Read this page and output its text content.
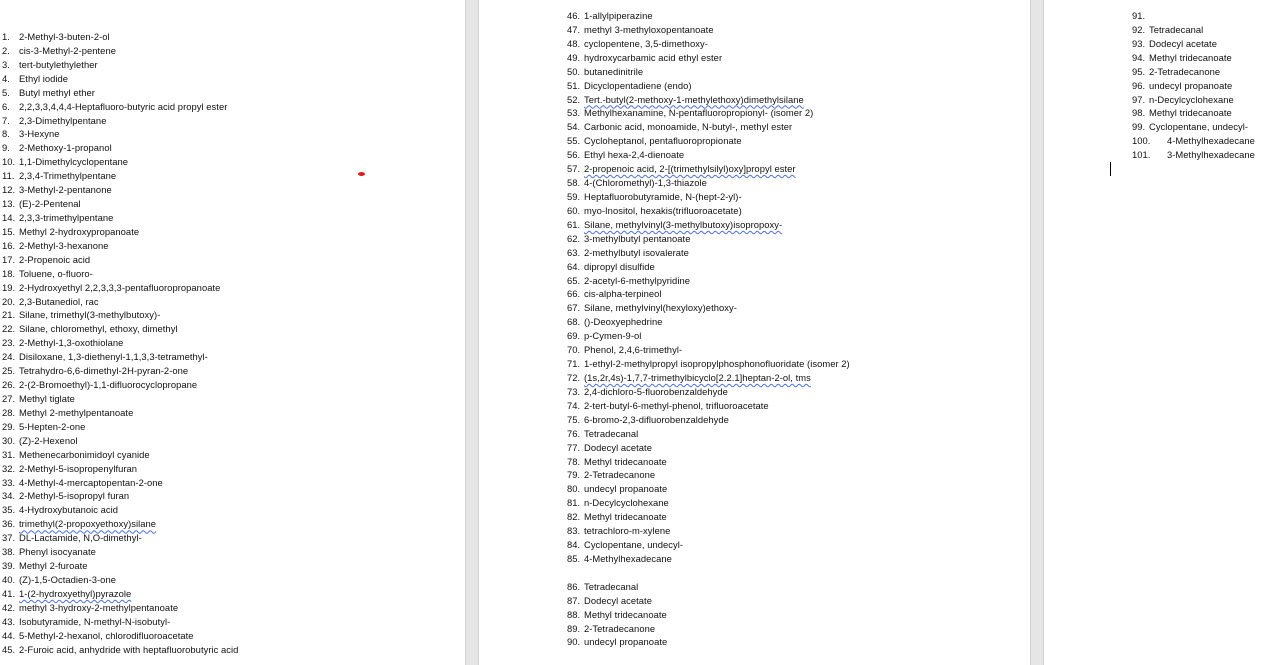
1. 2-Methyl-3-buten-2-ol
2. cis-3-Methyl-2-pentene
3. tert-butylethylether
4. Ethyl iodide
5. Butyl methyl ether
6. 2,2,3,3,4,4,4-Heptafluoro-butyric acid propyl ester
7. 2,3-Dimethylpentane
8. 3-Hexyne
9. 2-Methoxy-1-propanol
10. 1,1-Dimethylcyclopentane
11. 2,3,4-Trimethylpentane
12. 3-Methyl-2-pentanone
13. (E)-2-Pentenal
14. 2,3,3-trimethylpentane
15. Methyl 2-hydroxypropanoate
16. 2-Methyl-3-hexanone
17. 2-Propenoic acid
18. Toluene, o-fluoro-
19. 2-Hydroxyethyl 2,2,3,3,3-pentafluoropropanoate
20. 2,3-Butanediol, rac
21. Silane, trimethyl(3-methylbutoxy)-
22. Silane, chloromethyl, ethoxy, dimethyl
23. 2-Methyl-1,3-oxothiolane
24. Disiloxane, 1,3-diethenyl-1,1,3,3-tetramethyl-
25. Tetrahydro-6,6-dimethyl-2H-pyran-2-one
26. 2-(2-Bromoethyl)-1,1-difluorocyclopropane
27. Methyl tiglate
28. Methyl 2-methylpentanoate
29. 5-Hepten-2-one
30. (Z)-2-Hexenol
31. Methenecarbonimidoyl cyanide
32. 2-Methyl-5-isopropenylfuran
33. 4-Methyl-4-mercaptopentan-2-one
34. 2-Methyl-5-isopropyl furan
35. 4-Hydroxybutanoic acid
36. trimethyl(2-propoxyethoxy)silane
37. DL-Lactamide, N,O-dimethyl-
38. Phenyl isocyanate
39. Methyl 2-furoate
40. (Z)-1,5-Octadien-3-one
41. 1-(2-hydroxyethyl)pyrazole
42. methyl 3-hydroxy-2-methylpentanoate
43. Isobutyramide, N-methyl-N-isobutyl-
44. 5-Methyl-2-hexanol, chlorodifluoroacetate
45. 2-Furoic acid, anhydride with heptafluorobutyric acid
46. 1-allylpiperazine
47. methyl 3-methyloxopentanoate
48. cyclopentene, 3,5-dimethoxy-
49. hydroxycarbamic acid ethyl ester
50. butanedinitrile
51. Dicyclopentadiene (endo)
52. Tert.-butyl(2-methoxy-1-methylethoxy)dimethylsilane
53. Methylhexanamine, N-pentafluoropropionyl- (isomer 2)
54. Carbonic acid, monoamide, N-butyl-, methyl ester
55. Cycloheptanol, pentafluoropropionate
56. Ethyl hexa-2,4-dienoate
57. 2-propenoic acid, 2-[(trimethylsilyl)oxy]propyl ester
58. 4-(Chloromethyl)-1,3-thiazole
59. Heptafluorobutyramide, N-(hept-2-yl)-
60. myo-Inositol, hexakis(trifluoroacetate)
61. Silane, methylvinyl(3-methylbutoxy)isopropoxy-
62. 3-methylbutyl pentanoate
63. 2-methylbutyl isovalerate
64. dipropyl disulfide
65. 2-acetyl-6-methylpyridine
66. cis-alpha-terpineol
67. Silane, methylvinyl(hexyloxy)ethoxy-
68. ()-Deoxyephedrine
69. p-Cymen-9-ol
70. Phenol, 2,4,6-trimethyl-
71. 1-ethyl-2-methylpropyl isopropylphosphonofluoridate (isomer 2)
72. (1s,2r,4s)-1,7,7-trimethylbicyclo[2.2.1]heptan-2-ol, tms
73. 2,4-dichloro-5-fluorobenzaldehyde
74. 2-tert-butyl-6-methyl-phenol, trifluoroacetate
75. 6-bromo-2,3-difluorobenzaldehyde
76. Tetradecanal
77. Dodecyl acetate
78. Methyl tridecanoate
79. 2-Tetradecanone
80. undecyl propanoate
81. n-Decylcyclohexane
82. Methyl tridecanoate
83. tetrachloro-m-xylene
84. Cyclopentane, undecyl-
85. 4-Methylhexadecane
86. Tetradecanal
87. Dodecyl acetate
88. Methyl tridecanoate
89. 2-Tetradecanone
90. undecyl propanoate
91.
92. Tetradecanal
93. Dodecyl acetate
94. Methyl tridecanoate
95. 2-Tetradecanone
96. undecyl propanoate
97. n-Decylcyclohexane
98. Methyl tridecanoate
99. Cyclopentane, undecyl-
100. 4-Methylhexadecane
101. 3-Methylhexadecane
